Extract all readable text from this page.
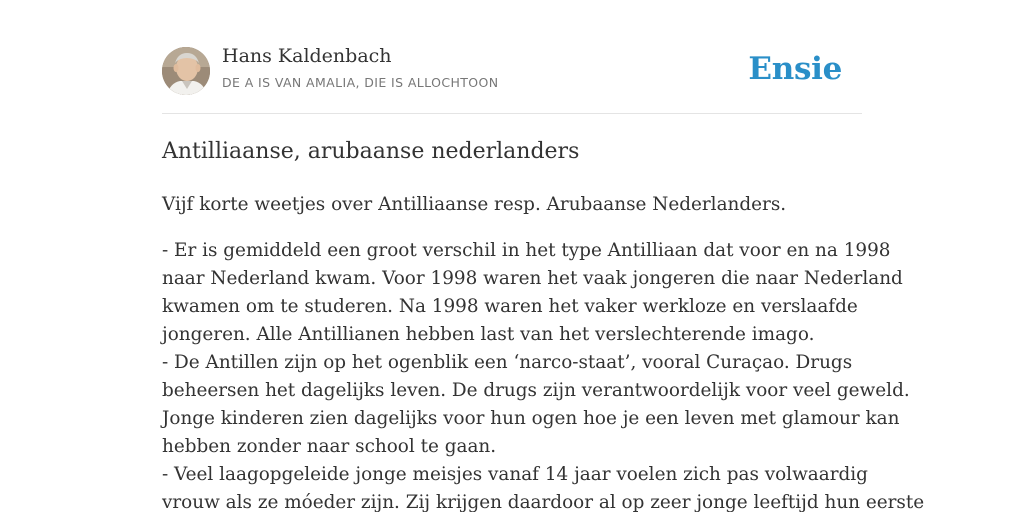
Hans Kaldenbach
DE A IS VAN AMALIA, DIE IS ALLOCHTOON	Ensie
Antilliaanse, arubaanse nederlanders

Vijf korte weetjes over Antilliaanse resp. Arubaanse Nederlanders.

- Er is gemiddeld een groot verschil in het type Antilliaan dat voor en na 1998
naar Nederland kwam. Voor 1998 waren het vaak jongeren die naar Nederland
kwamen om te studeren. Na 1998 waren het vaker werkloze en verslaafde
jongeren. Alle Antillianen hebben last van het verslechterende imago.
- De Antillen zijn op het ogenblik een ‘narco-staat’, vooral Curaçao. Drugs
beheersen het dagelijks leven. De drugs zijn verantwoordelijk voor veel geweld.
Jonge kinderen zien dagelijks voor hun ogen hoe je een leven met glamour kan
hebben zonder naar school te gaan.
- Veel laagopgeleide jonge meisjes vanaf 14 jaar voelen zich pas volwaardig
vrouw als ze móeder zijn. Zij krijgen daardoor al op zeer jonge leeftijd hun eerste
